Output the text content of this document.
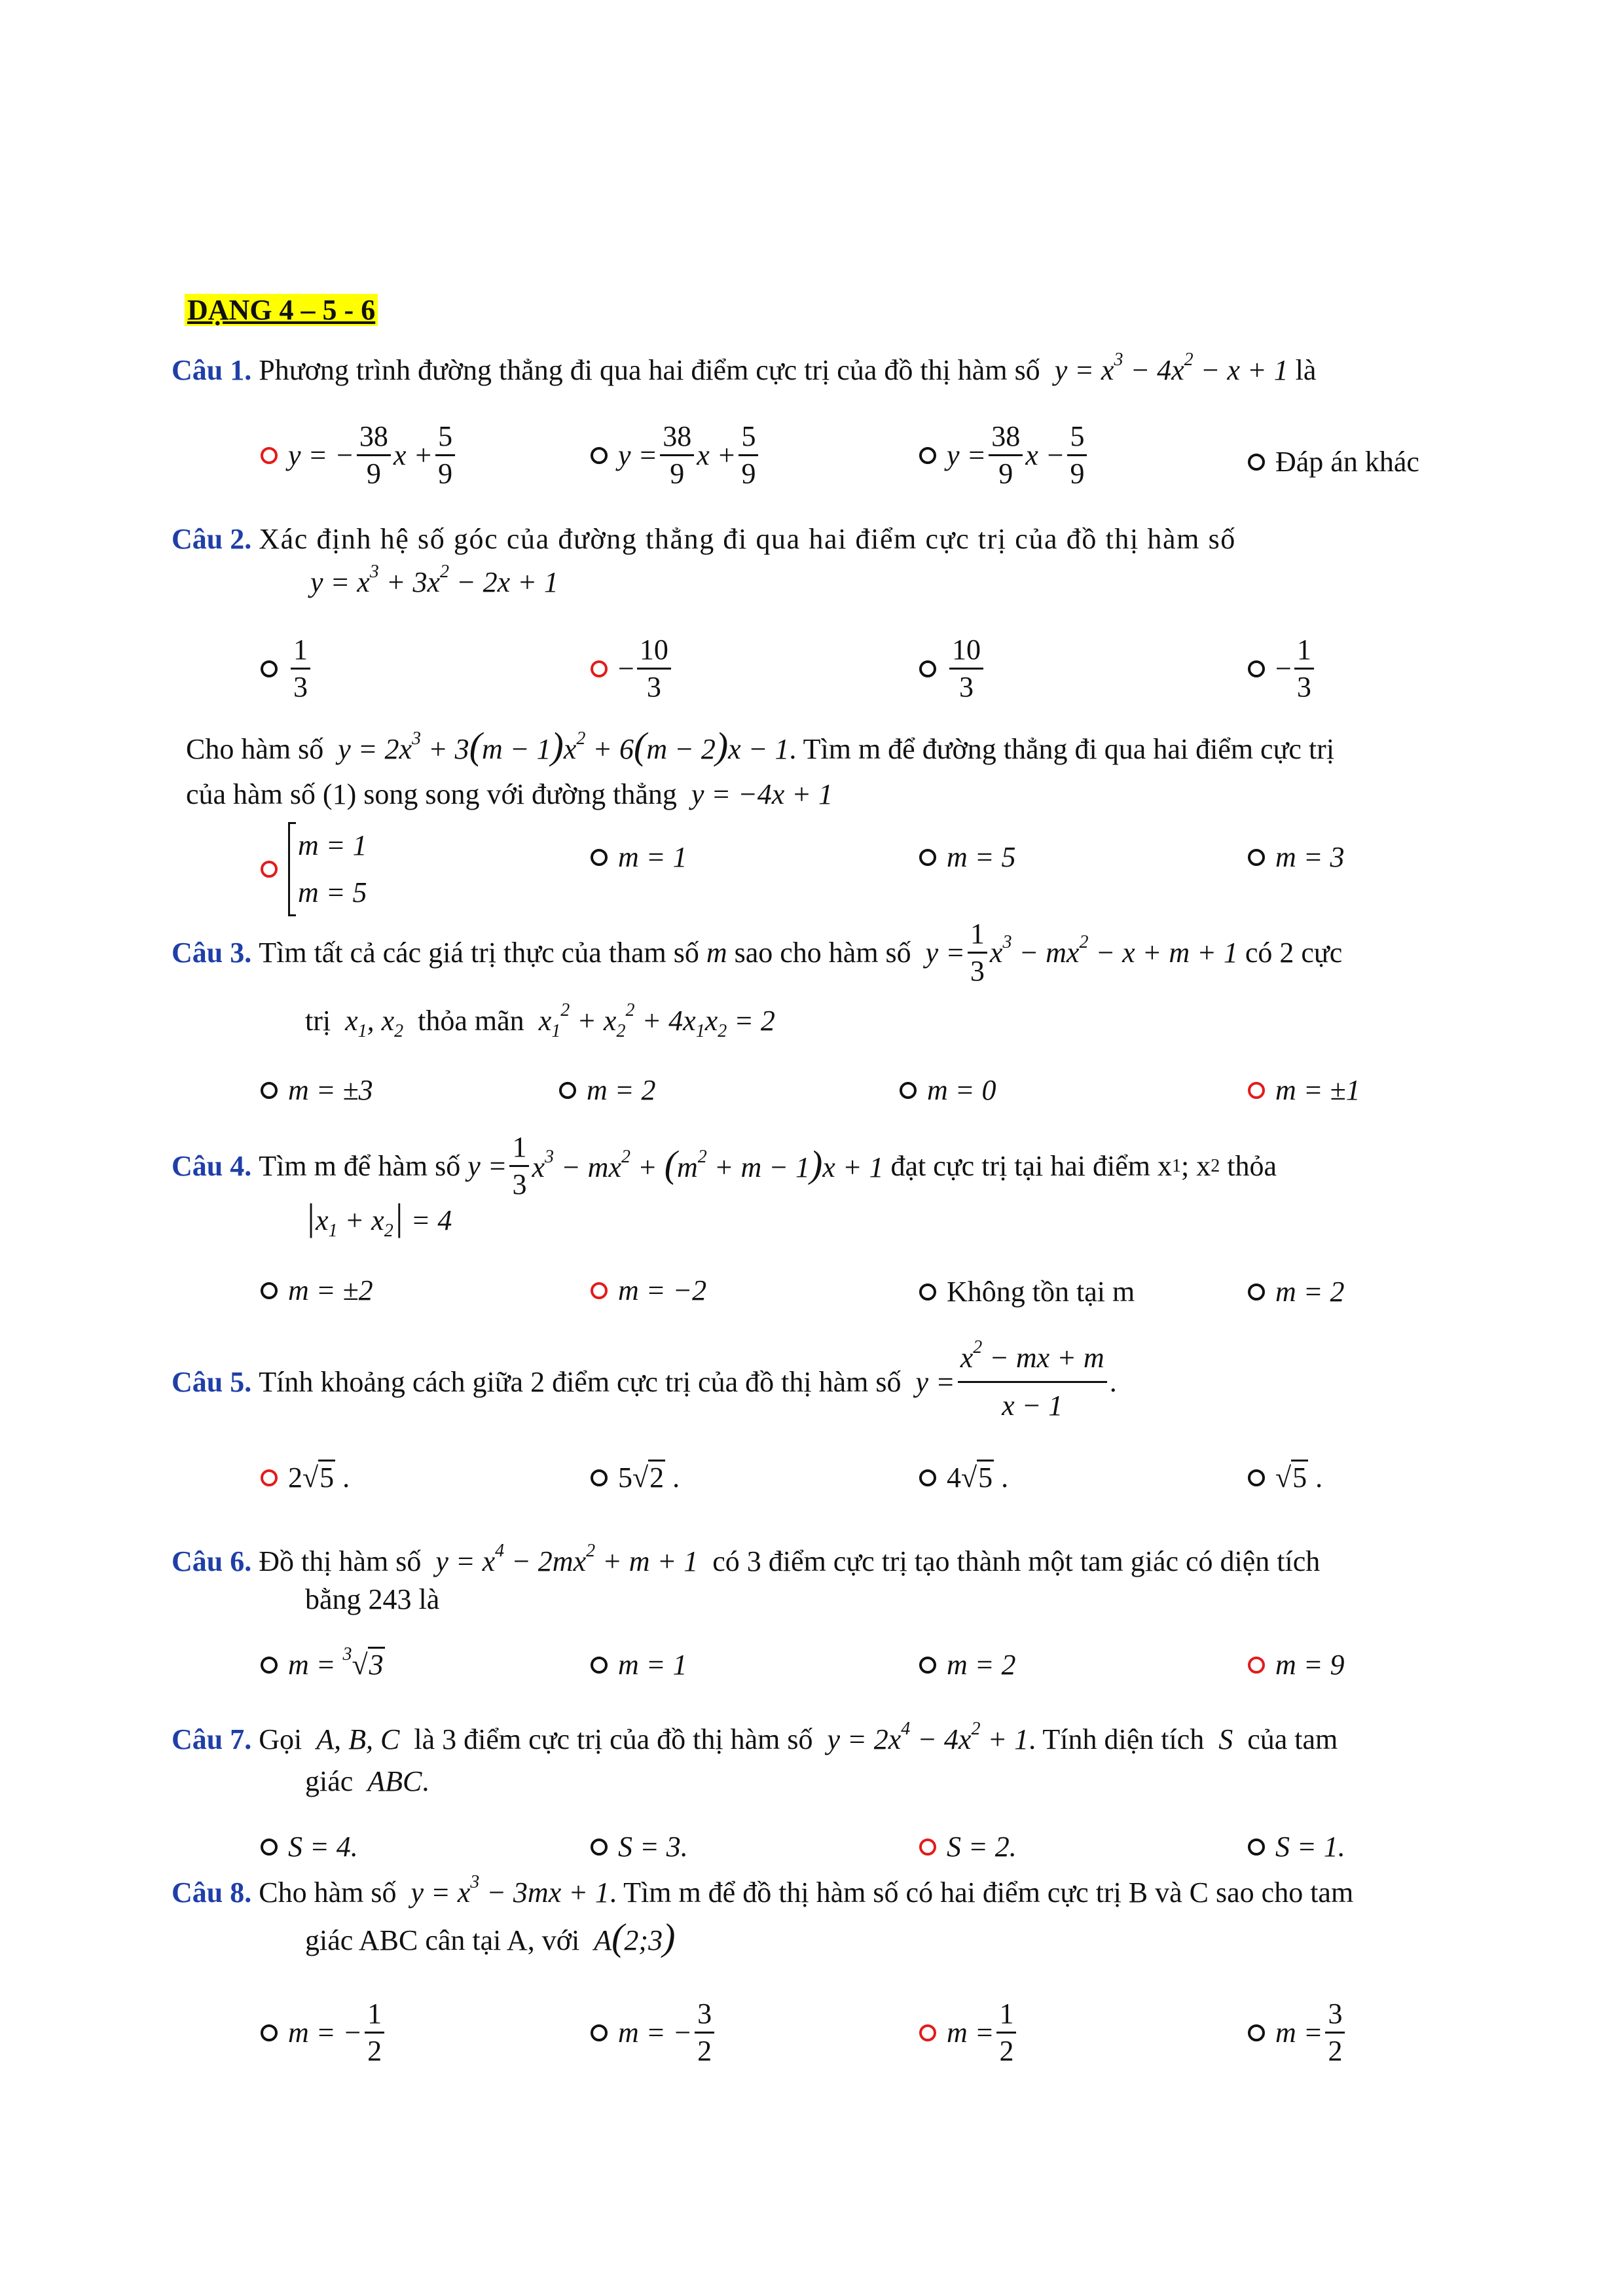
DẠNG 4 – 5 - 6
Câu 1. Phương trình đường thẳng đi qua hai điểm cực trị của đồ thị hàm số $y = x^3 - 4x^2 - x + 1$ là
y = − $\frac{38}{9}$ $x + \frac{5}{9}$	$y = \frac{38}{9}$ $x + \frac{5}{9}$	$y = \frac{38}{9}$ $x - \frac{5}{9}$	Đáp án khác
Câu 2. Xác định hệ số góc của đường thẳng đi qua hai điểm cực trị của đồ thị hàm số
$y = x^3 + 3x^2 - 2x + 1$
$\frac{1}{3}$	− $\frac{10}{3}$	$\frac{10}{3}$	− $\frac{1}{3}$
Cho hàm số $y = 2x^3 + 3(m - 1)x^2 + 6(m - 2)x - 1$. Tìm m để đường thẳng đi qua hai điểm cực trị
của hàm số (1) song song với đường thẳng y = −4x + 1
m = 1
m = 5
m = 1	m = 5	m = 3
Câu 3.
Tìm tất cả các giá trị thực của tham số
m
sao cho hàm số
$y = \frac{1}{3} x^3 - mx^2 - x + m + 1$
có 2 cực
trị $x_1$, $x_2$ thỏa mãn $x_1^2 + x_2^2 + 4x_1x_2 = 2$
m = ±3	m = 2	m = 0	m = ±1
Câu 4.
Tìm m để hàm số
$y = \frac{1}{3} x^3 - mx^2 + (m^2 + m - 1)x + 1$
đạt cực trị tại hai điểm x 1 ; x 2
thỏa
$|x_1 + x_2| = 4$
m = ±2	m = −2	Không tồn tại m	m = 2
Câu 5.
Tính khoảng cách giữa 2 điểm cực trị của đồ thị hàm số
$y = \frac{x^2 - mx + m}{x - 1}$ .
2√5 .	5√2 .	4√5 .	√5 .
Câu 6. Đồ thị hàm số $y = x^4 - 2mx^2 + m + 1$ có 3 điểm cực trị tạo thành một tam giác có diện tích
bằng 243 là
m = $^3$√3	m = 1	m = 2	m = 9
Câu 7. Gọi A, B, C là 3 điểm cực trị của đồ thị hàm số $y = 2x^4 - 4x^2 + 1$. Tính diện tích S của tam
giác ABC.
S = 4.	S = 3.	S = 2.	S = 1.
Câu 8. Cho hàm số $y = x^3 - 3mx + 1$. Tìm m để đồ thị hàm số có hai điểm cực trị B và C sao cho tam
giác ABC cân tại A, với A(2;3)
m = − $\frac{1}{2}$	m = − $\frac{3}{2}$	$m = \frac{1}{2}$	$m = \frac{3}{2}$
